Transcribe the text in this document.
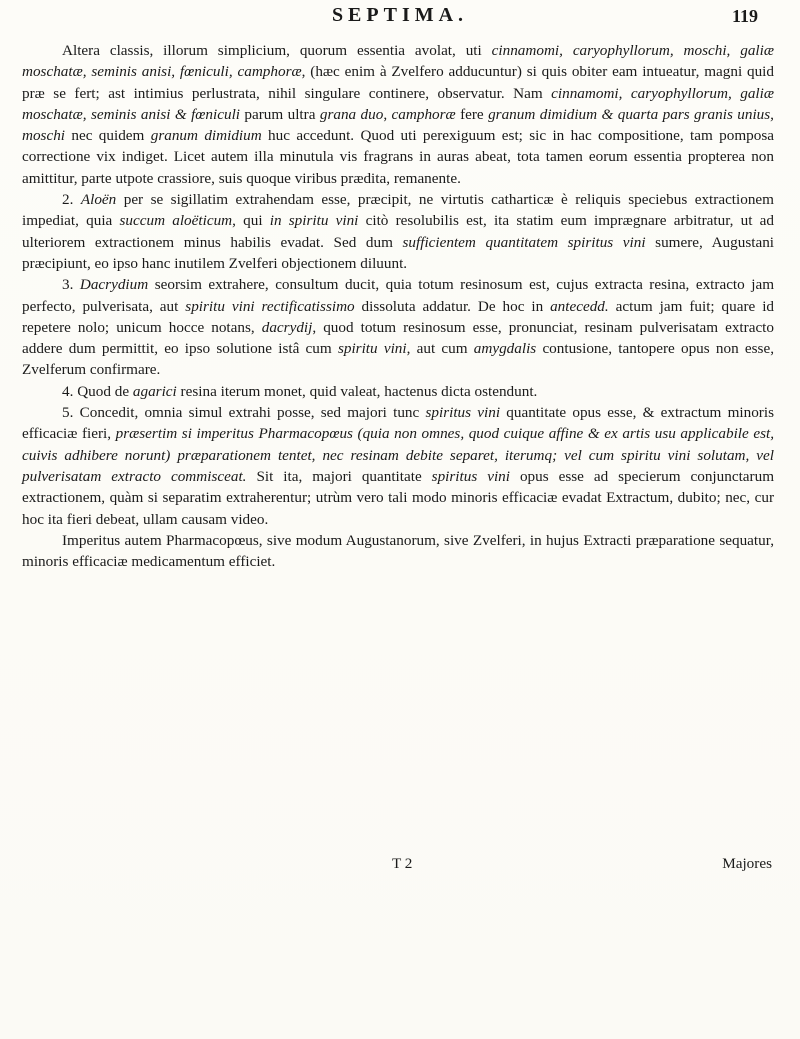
SEPTIMA.	119

Altera classis, illorum simplicium, quorum essentia avolat, uti cinnamomi, caryophyllorum, moschi, galiæ moschatæ, seminis anisi, fœniculi, camphoræ, (hæc enim à Zvelfero adducuntur) si quis obiter eam intueatur, magni quid præ se fert; ast intimius perlustrata, nihil singulare continere, observatur. Nam cinnamomi, caryophyllorum, galiæ moschatæ, seminis anisi & fœniculi parum ultra grana duo, camphoræ fere granum dimidium & quarta pars granis unius, moschi nec quidem granum dimidium huc accedunt. Quod uti perexiguum est; sic in hac compositione, tam pomposa correctione vix indiget. Licet autem illa minutula vis fragrans in auras abeat, tota tamen eorum essentia propterea non amittitur, parte utpote crassiore, suis quoque viribus prædita, remanente.

2. Aloën per se sigillatim extrahendam esse, præcipit, ne virtutis catharticæ è reliquis speciebus extractionem impediat, quia succum aloëticum, qui in spiritu vini citò resolubilis est, ita statim eum imprægnare arbitratur, ut ad ulteriorem extractionem minus habilis evadat. Sed dum sufficientem quantitatem spiritus vini sumere, Augustani præcipiunt, eo ipso hanc inutilem Zvelferi objectionem diluunt.

3. Dacrydium seorsim extrahere, consultum ducit, quia totum resinosum est, cujus extracta resina, extracto jam perfecto, pulverisata, aut spiritu vini rectificatissimo dissoluta addatur. De hoc in antecedd. actum jam fuit; quare id repetere nolo; unicum hocce notans, dacrydij, quod totum resinosum esse, pronunciat, resinam pulverisatam extracto addere dum permittit, eo ipso solutione istâ cum spiritu vini, aut cum amygdalis contusione, tantopere opus non esse, Zvelferum confirmare.

4. Quod de agarici resina iterum monet, quid valeat, hactenus dicta ostendunt.

5. Concedit, omnia simul extrahi posse, sed majori tunc spiritus vini quantitate opus esse, & extractum minoris efficaciæ fieri, præsertim si imperitus Pharmacopœus (quia non omnes, quod cuique affine & ex artis usu applicabile est, cuivis adhibere norunt) præparationem tentet, nec resinam debite separet, iterumq; vel cum spiritu vini solutam, vel pulverisatam extracto commisceat. Sit ita, majori quantitate spiritus vini opus esse ad specierum conjunctarum extractionem, quàm si separatim extraherentur; utrùm vero tali modo minoris efficaciæ evadat Extractum, dubito; nec, cur hoc ita fieri debeat, ullam causam video.

Imperitus autem Pharmacopœus, sive modum Augustanorum, sive Zvelferi, in hujus Extracti præparatione sequatur, minoris efficaciæ medicamentum efficiet.

T 2	Majores
